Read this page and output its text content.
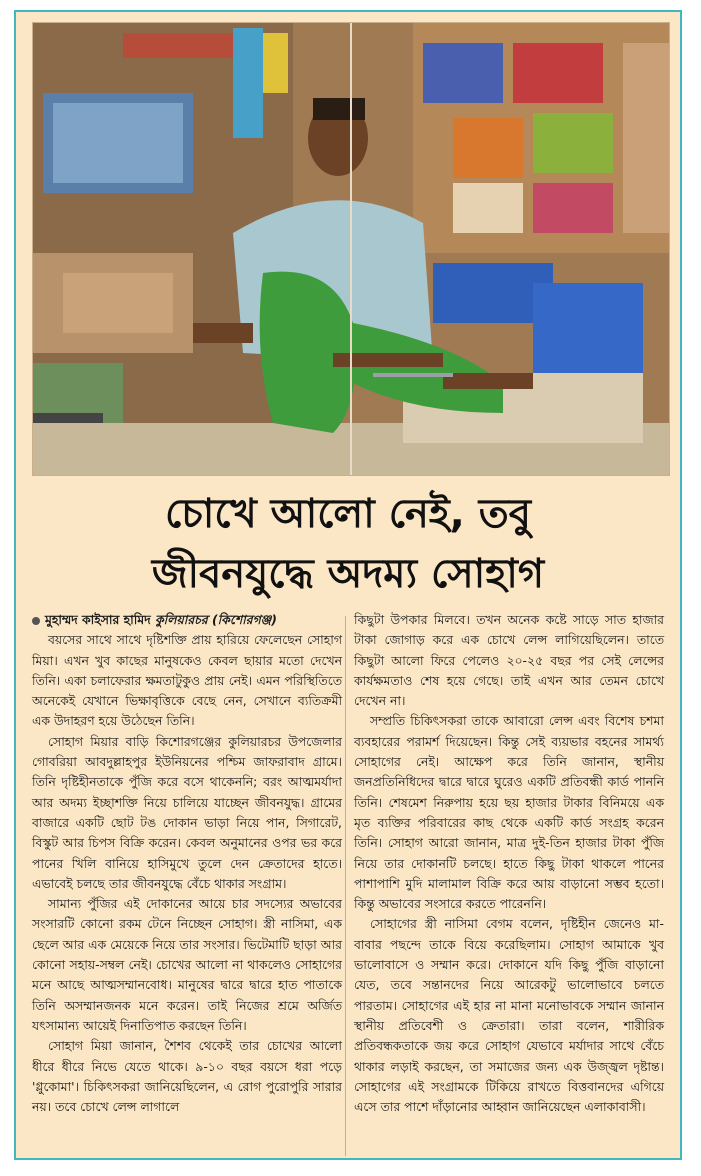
চোখে আলো নেই, তবু
জীবনযুদ্ধে অদম্য সোহাগ

মুহাম্মদ কাইসার হামিদ কুলিয়ারচর (কিশোরগঞ্জ)

বয়সের সাথে সাথে দৃষ্টিশক্তি প্রায় হারিয়ে ফেলেছেন সোহাগ মিয়া। এখন খুব কাছের মানুষকেও কেবল ছায়ার মতো দেখেন তিনি। একা চলাফেরার ক্ষমতাটুকুও প্রায় নেই। এমন পরিস্থিতিতে অনেকেই যেখানে ভিক্ষাবৃত্তিকে বেছে নেন, সেখানে ব্যতিক্রমী এক উদাহরণ হয়ে উঠেছেন তিনি।

সোহাগ মিয়ার বাড়ি কিশোরগঞ্জের কুলিয়ারচর উপজেলার গোবরিয়া আবদুল্লাহপুর ইউনিয়নের পশ্চিম জাফরাবাদ গ্রামে। তিনি দৃষ্টিহীনতাকে পুঁজি করে বসে থাকেননি; বরং আত্মমর্যাদা আর অদম্য ইচ্ছাশক্তি নিয়ে চালিয়ে যাচ্ছেন জীবনযুদ্ধ। গ্রামের বাজারে একটি ছোট টঙ দোকান ভাড়া নিয়ে পান, সিগারেট, বিস্কুট আর চিপস বিক্রি করেন। কেবল অনুমানের ওপর ভর করে পানের খিলি বানিয়ে হাসিমুখে তুলে দেন ক্রেতাদের হাতে। এভাবেই চলছে তার জীবনযুদ্ধে বেঁচে থাকার সংগ্রাম।

সামান্য পুঁজির এই দোকানের আয়ে চার সদস্যের অভাবের সংসারটি কোনো রকম টেনে নিচ্ছেন সোহাগ। স্ত্রী নাসিমা, এক ছেলে আর এক মেয়েকে নিয়ে তার সংসার। ভিটেমাটি ছাড়া আর কোনো সহায়-সম্বল নেই। চোখের আলো না থাকলেও সোহাগের মনে আছে আত্মসম্মানবোধ। মানুষের দ্বারে দ্বারে হাত পাতাকে তিনি অসম্মানজনক মনে করেন। তাই নিজের শ্রমে অর্জিত যৎসামান্য আয়েই দিনাতিপাত করছেন তিনি।

সোহাগ মিয়া জানান, শৈশব থেকেই তার চোখের আলো ধীরে ধীরে নিভে যেতে থাকে। ৯-১০ বছর বয়সে ধরা পড়ে 'গ্লুকোমা'। চিকিৎসকরা জানিয়েছিলেন, এ রোগ পুরোপুরি সারার নয়। তবে চোখে লেন্স লাগালে

কিছুটা উপকার মিলবে। তখন অনেক কষ্টে সাড়ে সাত হাজার টাকা জোগাড় করে এক চোখে লেন্স লাগিয়েছিলেন। তাতে কিছুটা আলো ফিরে পেলেও ২০-২৫ বছর পর সেই লেন্সের কার্যক্ষমতাও শেষ হয়ে গেছে। তাই এখন আর তেমন চোখে দেখেন না।

সম্প্রতি চিকিৎসকরা তাকে আবারো লেন্স এবং বিশেষ চশমা ব্যবহারের পরামর্শ দিয়েছেন। কিন্তু সেই ব্যয়ভার বহনের সামর্থ্য সোহাগের নেই। আক্ষেপ করে তিনি জানান, স্থানীয় জনপ্রতিনিধিদের দ্বারে দ্বারে ঘুরেও একটি প্রতিবন্ধী কার্ড পাননি তিনি। শেষমেশ নিরুপায় হয়ে ছয় হাজার টাকার বিনিময়ে এক মৃত ব্যক্তির পরিবারের কাছ থেকে একটি কার্ড সংগ্রহ করেন তিনি। সোহাগ আরো জানান, মাত্র দুই-তিন হাজার টাকা পুঁজি নিয়ে তার দোকানটি চলছে। হাতে কিছু টাকা থাকলে পানের পাশাপাশি মুদি মালামাল বিক্রি করে আয় বাড়ানো সম্ভব হতো। কিন্তু অভাবের সংসারে করতে পারেননি।

সোহাগের স্ত্রী নাসিমা বেগম বলেন, দৃষ্টিহীন জেনেও মা-বাবার পছন্দে তাকে বিয়ে করেছিলাম। সোহাগ আমাকে খুব ভালোবাসে ও সম্মান করে। দোকানে যদি কিছু পুঁজি বাড়ানো যেত, তবে সন্তানদের নিয়ে আরেকটু ভালোভাবে চলতে পারতাম। সোহাগের এই হার না মানা মনোভাবকে সম্মান জানান স্থানীয় প্রতিবেশী ও ক্রেতারা। তারা বলেন, শারীরিক প্রতিবন্ধকতাকে জয় করে সোহাগ যেভাবে মর্যাদার সাথে বেঁচে থাকার লড়াই করছেন, তা সমাজের জন্য এক উজ্জ্বল দৃষ্টান্ত। সোহাগের এই সংগ্রামকে টিকিয়ে রাখতে বিত্তবানদের এগিয়ে এসে তার পাশে দাঁড়ানোর আহ্বান জানিয়েছেন এলাকাবাসী।
